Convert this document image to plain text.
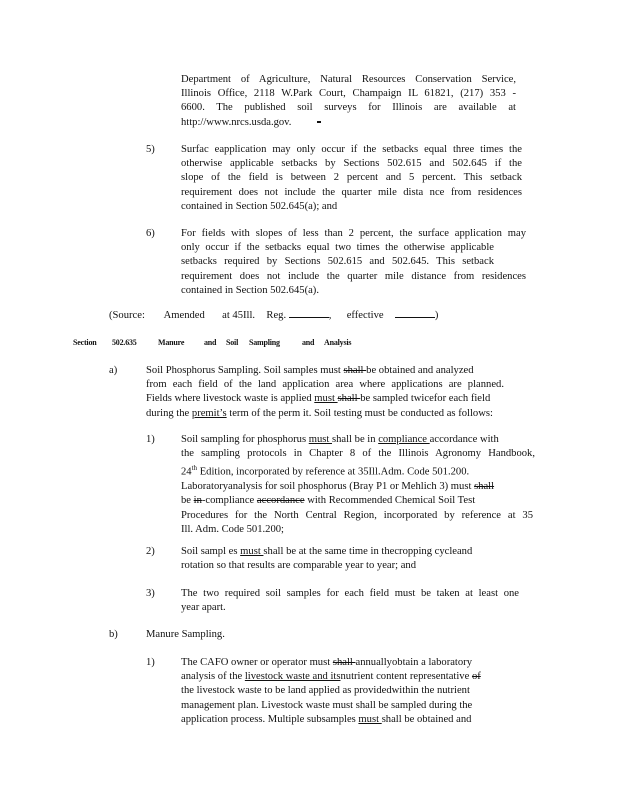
Department of Agriculture, Natural Resources Conservation Service,
Illinois Office, 2118 W.Park Court, Champaign IL 61821, (217) 353 -
6600. The published soil surveys for Illinois are available at
http://www.nrcs.usda.gov.
5) Surfac eapplication may only occur if the setbacks equal three times the
otherwise applicable setbacks by Sections 502.615 and 502.645 if the
slope of the field is between 2 percent and 5 percent. This setback
requirement does not include the quarter mile dista nce from residences
contained in Section 502.645(a); and
6) For fields with slopes of less than 2 percent, the surface application may
only occur if the setbacks equal two times the otherwise applicable
setbacks required by Sections 502.615 and 502.645. This setback
requirement does not include the quarter mile distance from residences
contained in Section 502.645(a).
(Source: Amended at 45Ill. Reg.	, effective	)
Section 502.635	Manure and Soil Sampling	and Analysis
a)	Soil Phosphorus Sampling. Soil samples must shall be obtained and analyzed
from each field of the land application area where applications are planned.
Fields where livestock waste is applied must shall be sampled twicefor each field
during the premit’s term of the perm it. Soil testing must be conducted as follows:
1) Soil sampling for phosphorus must shall be in compliance accordance with
the sampling protocols in Chapter 8 of the Illinois Agronomy Handbook,
24th Edition, incorporated by reference at 35Ill.Adm. Code 501.200.
Laboratoryanalysis for soil phosphorus (Bray P1 or Mehlich 3) must shall
be in-compliance accordance with Recommended Chemical Soil Test
Procedures for the North Central Region, incorporated by reference at 35
Ill. Adm. Code 501.200;
2) Soil sampl es must shall be at the same time in thecropping cycleand
rotation so that results are comparable year to year; and
3) The two required soil samples for each field must be taken at least one
year apart.
b)	Manure Sampling.
1) The CAFO owner or operator must shall annuallyobtain a laboratory
analysis of the livestock waste and itsnutrient content representative of
the livestock waste to be land applied as providedwithin the nutrient
management plan. Livestock waste must shall be sampled during the
application process. Multiple subsamples must shall be obtained and
